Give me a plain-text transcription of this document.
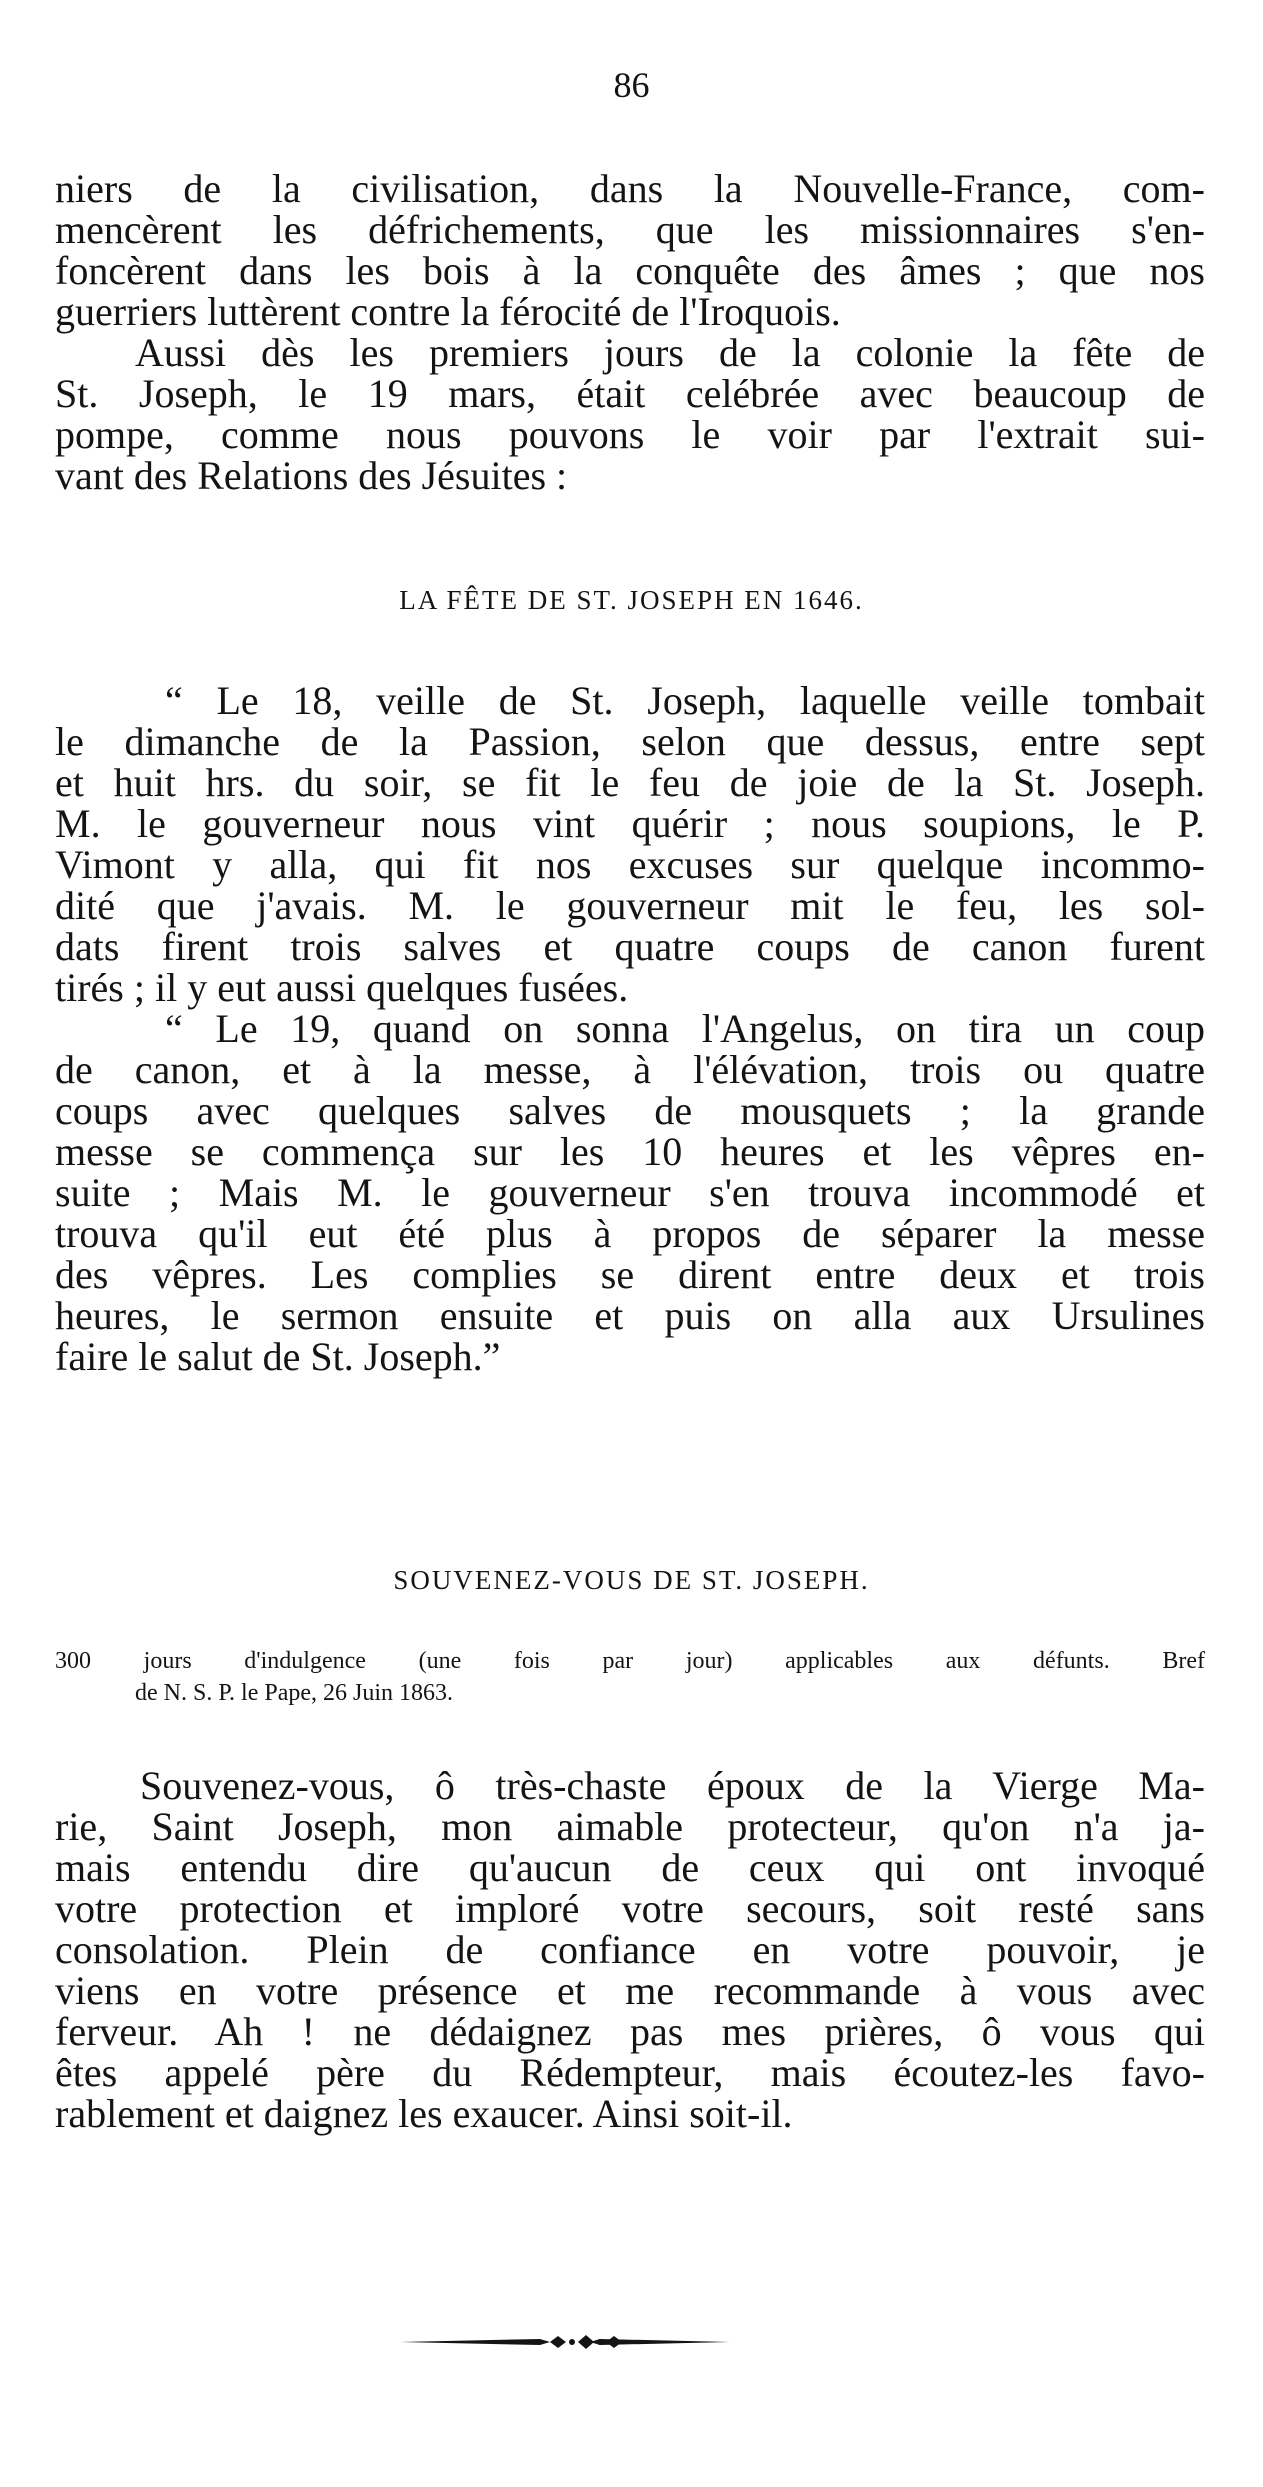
86
niers de la civilisation, dans la Nouvelle-France, com-
mencèrent les défrichements, que les missionnaires s'en-
foncèrent dans les bois à la conquête des âmes ; que nos
guerriers luttèrent contre la férocité de l'Iroquois.
Aussi dès les premiers jours de la colonie la fête de
St. Joseph, le 19 mars, était celébrée avec beaucoup de
pompe, comme nous pouvons le voir par l'extrait sui-
vant des Relations des Jésuites :
LA FÊTE DE ST. JOSEPH EN 1646.
“ Le 18, veille de St. Joseph, laquelle veille tombait
le dimanche de la Passion, selon que dessus, entre sept
et huit hrs. du soir, se fit le feu de joie de la St. Joseph.
M. le gouverneur nous vint quérir ; nous soupions, le P.
Vimont y alla, qui fit nos excuses sur quelque incommo-
dité que j'avais. M. le gouverneur mit le feu, les sol-
dats firent trois salves et quatre coups de canon furent
tirés ; il y eut aussi quelques fusées.
“ Le 19, quand on sonna l'Angelus, on tira un coup
de canon, et à la messe, à l'élévation, trois ou quatre
coups avec quelques salves de mousquets ; la grande
messe se commença sur les 10 heures et les vêpres en-
suite ; Mais M. le gouverneur s'en trouva incommodé et
trouva qu'il eut été plus à propos de séparer la messe
des vêpres. Les complies se dirent entre deux et trois
heures, le sermon ensuite et puis on alla aux Ursulines
faire le salut de St. Joseph.”
SOUVENEZ-VOUS DE ST. JOSEPH.
300 jours d'indulgence (une fois par jour) applicables aux défunts. Bref
de N. S. P. le Pape, 26 Juin 1863.
Souvenez-vous, ô très-chaste époux de la Vierge Ma-
rie, Saint Joseph, mon aimable protecteur, qu'on n'a ja-
mais entendu dire qu'aucun de ceux qui ont invoqué
votre protection et imploré votre secours, soit resté sans
consolation. Plein de confiance en votre pouvoir, je
viens en votre présence et me recommande à vous avec
ferveur. Ah ! ne dédaignez pas mes prières, ô vous qui
êtes appelé père du Rédempteur, mais écoutez-les favo-
rablement et daignez les exaucer. Ainsi soit-il.
